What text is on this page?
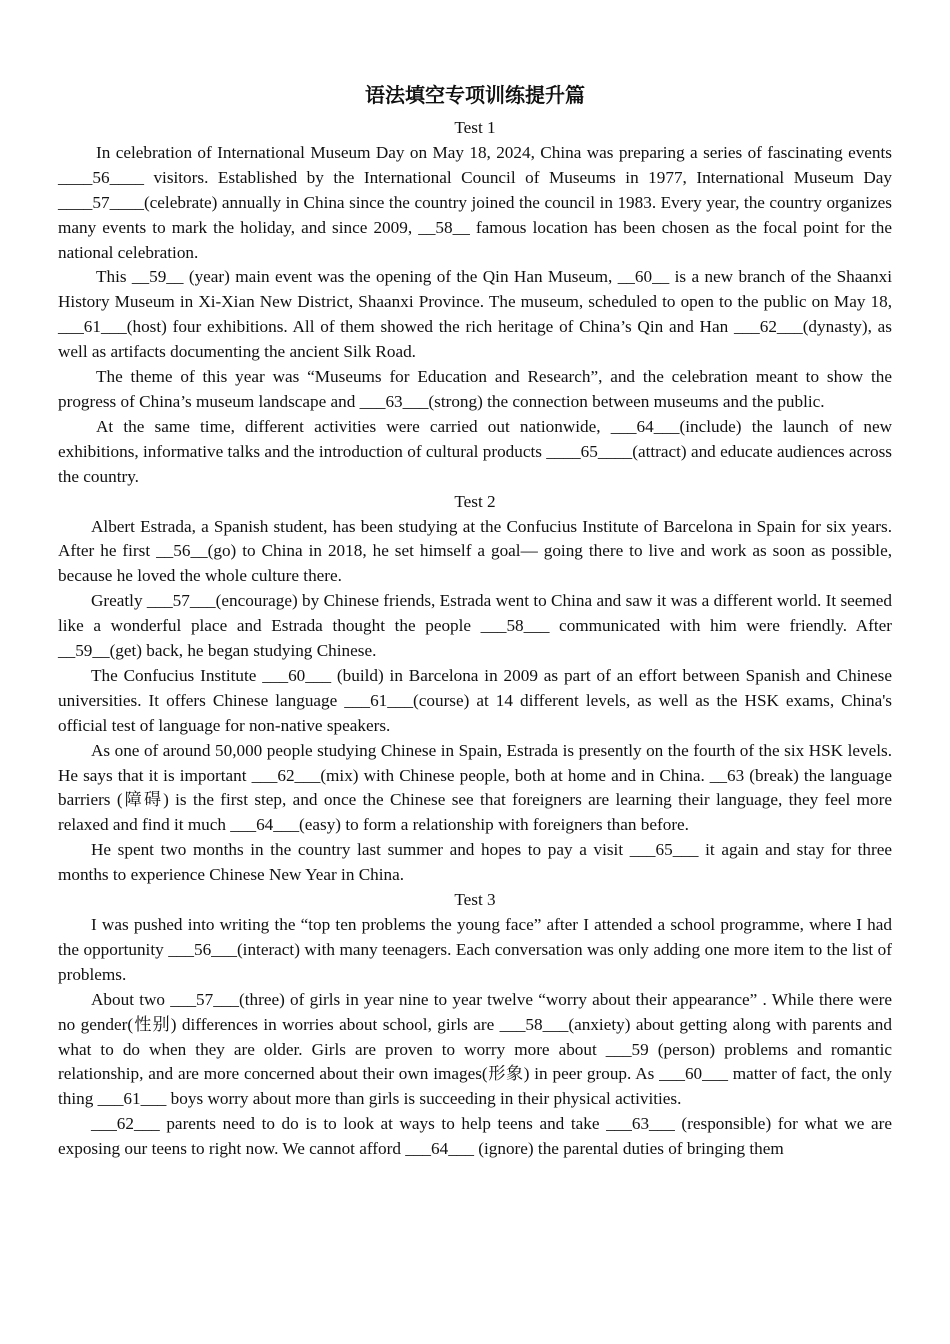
语法填空专项训练提升篇
Test 1

In celebration of International Museum Day on May 18, 2024, China was preparing a series of fascinating events ____56____ visitors. Established by the International Council of Museums in 1977, International Museum Day ____57____(celebrate) annually in China since the country joined the council in 1983. Every year, the country organizes many events to mark the holiday, and since 2009, __58__ famous location has been chosen as the focal point for the national celebration.

This __59__ (year) main event was the opening of the Qin Han Museum, __60__ is a new branch of the Shaanxi History Museum in Xi-Xian New District, Shaanxi Province. The museum, scheduled to open to the public on May 18, ___61___(host) four exhibitions. All of them showed the rich heritage of China’s Qin and Han ___62___(dynasty), as well as artifacts documenting the ancient Silk Road.

The theme of this year was “Museums for Education and Research”, and the celebration meant to show the progress of China’s museum landscape and ___63___(strong) the connection between museums and the public.

At the same time, different activities were carried out nationwide, ___64___(include) the launch of new exhibitions, informative talks and the introduction of cultural products ____65____(attract) and educate audiences across the country.

Test 2

Albert Estrada, a Spanish student, has been studying at the Confucius Institute of Barcelona in Spain for six years. After he first __56__(go) to China in 2018, he set himself a goal— going there to live and work as soon as possible, because he loved the whole culture there.

Greatly ___57___(encourage) by Chinese friends, Estrada went to China and saw it was a different world. It seemed like a wonderful place and Estrada thought the people ___58___ communicated with him were friendly. After __59__(get) back, he began studying Chinese.

The Confucius Institute ___60___ (build) in Barcelona in 2009 as part of an effort between Spanish and Chinese universities. It offers Chinese language ___61___(course) at 14 different levels, as well as the HSK exams, China's official test of language for non-native speakers.

As one of around 50,000 people studying Chinese in Spain, Estrada is presently on the fourth of the six HSK levels. He says that it is important ___62___(mix) with Chinese people, both at home and in China. __63 (break) the language barriers (障碍) is the first step, and once the Chinese see that foreigners are learning their language, they feel more relaxed and find it much ___64___(easy) to form a relationship with foreigners than before.

He spent two months in the country last summer and hopes to pay a visit ___65___ it again and stay for three months to experience Chinese New Year in China.

Test 3

I was pushed into writing the “top ten problems the young face” after I attended a school programme, where I had the opportunity ___56___(interact) with many teenagers. Each conversation was only adding one more item to the list of problems.

About two ___57___(three) of girls in year nine to year twelve “worry about their appearance” . While there were no gender(性别) differences in worries about school, girls are ___58___(anxiety) about getting along with parents and what to do when they are older. Girls are proven to worry more about ___59 (person) problems and romantic relationship, and are more concerned about their own images(形象) in peer group. As ___60___ matter of fact, the only thing ___61___ boys worry about more than girls is succeeding in their physical activities.

___62___ parents need to do is to look at ways to help teens and take ___63___ (responsible) for what we are exposing our teens to right now. We cannot afford ___64___ (ignore) the parental duties of bringing them
